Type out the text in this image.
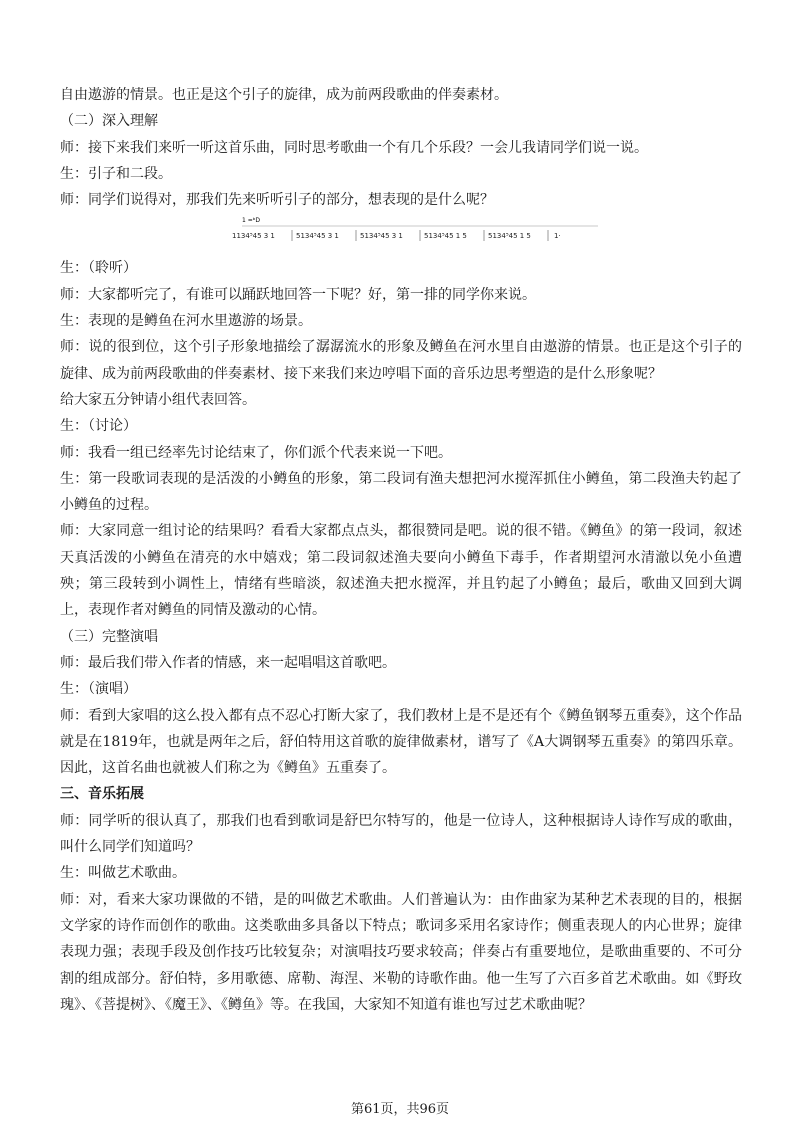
自由遨游的情景。也正是这个引子的旋律，成为前两段歌曲的伴奏素材。

（二）深入理解

师：接下来我们来听一听这首乐曲，同时思考歌曲一个有几个乐段？一会儿我请同学们说一说。

生：引子和二段。

师：同学们说得对，那我们先来听听引子的部分，想表现的是什么呢？

1 =ᵇD
1134⁵45 3 1	5134⁵45 3 1	5134⁵45 3 1	5134⁵45 1 5	5134⁵45 1 5	1·

生：（聆听）

师：大家都听完了，有谁可以踊跃地回答一下呢？好，第一排的同学你来说。

生：表现的是鳟鱼在河水里遨游的场景。

师：说的很到位，这个引子形象地描绘了潺潺流水的形象及鳟鱼在河水里自由遨游的情景。也正是这个引子的旋律、成为前两段歌曲的伴奏素材、接下来我们来边哼唱下面的音乐边思考塑造的是什么形象呢？

给大家五分钟请小组代表回答。

生：（讨论）

师：我看一组已经率先讨论结束了，你们派个代表来说一下吧。

生：第一段歌词表现的是活泼的小鳟鱼的形象，第二段词有渔夫想把河水搅浑抓住小鳟鱼，第二段渔夫钓起了小鳟鱼的过程。

师：大家同意一组讨论的结果吗？看看大家都点点头，都很赞同是吧。说的很不错。《鳟鱼》的第一段词，叙述天真活泼的小鳟鱼在清亮的水中嬉戏；第二段词叙述渔夫要向小鳟鱼下毒手，作者期望河水清澈以免小鱼遭殃；第三段转到小调性上，情绪有些暗淡，叙述渔夫把水搅浑，并且钓起了小鳟鱼；最后，歌曲又回到大调上，表现作者对鳟鱼的同情及激动的心情。

（三）完整演唱

师：最后我们带入作者的情感，来一起唱唱这首歌吧。

生：（演唱）

师：看到大家唱的这么投入都有点不忍心打断大家了，我们教材上是不是还有个《鳟鱼钢琴五重奏》，这个作品就是在1819年，也就是两年之后，舒伯特用这首歌的旋律做素材，谱写了《A大调钢琴五重奏》的第四乐章。因此，这首名曲也就被人们称之为《鳟鱼》五重奏了。

三、音乐拓展

师：同学听的很认真了，那我们也看到歌词是舒巴尔特写的，他是一位诗人，这种根据诗人诗作写成的歌曲，叫什么同学们知道吗？

生：叫做艺术歌曲。

师：对，看来大家功课做的不错，是的叫做艺术歌曲。人们普遍认为：由作曲家为某种艺术表现的目的，根据文学家的诗作而创作的歌曲。这类歌曲多具备以下特点；歌词多采用名家诗作；侧重表现人的内心世界；旋律表现力强；表现手段及创作技巧比较复杂；对演唱技巧要求较高；伴奏占有重要地位，是歌曲重要的、不可分割的组成部分。舒伯特，多用歌德、席勒、海涅、米勒的诗歌作曲。他一生写了六百多首艺术歌曲。如《野玫瑰》、《菩提树》、《魔王》、《鳟鱼》等。在我国，大家知不知道有谁也写过艺术歌曲呢？

第61页，共96页
